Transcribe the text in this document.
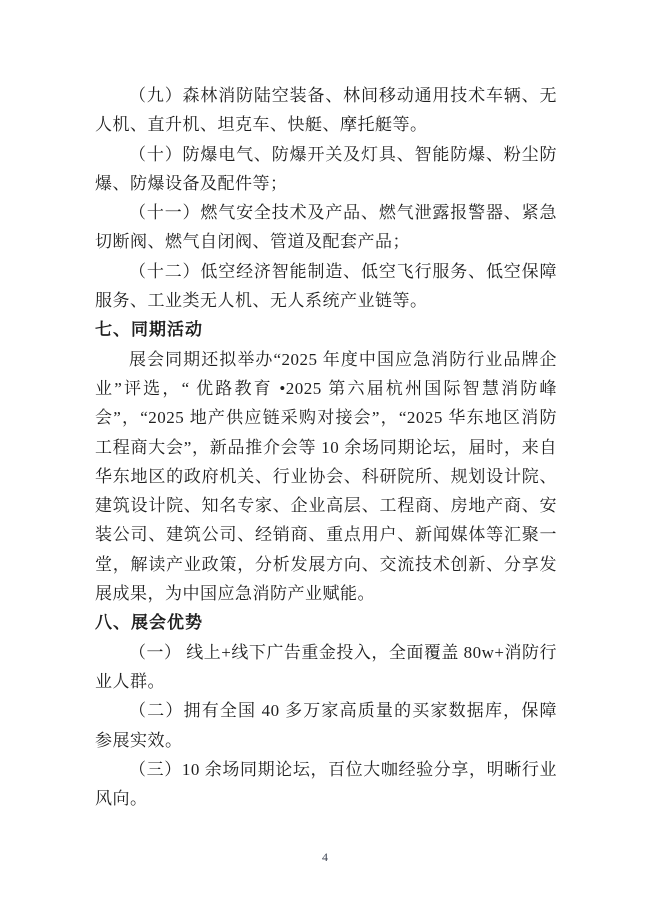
（九）森林消防陆空装备、林间移动通用技术车辆、无人机、直升机、坦克车、快艇、摩托艇等。

（十）防爆电气、防爆开关及灯具、智能防爆、粉尘防爆、防爆设备及配件等；

（十一）燃气安全技术及产品、燃气泄露报警器、紧急切断阀、燃气自闭阀、管道及配套产品；

（十二）低空经济智能制造、低空飞行服务、低空保障服务、工业类无人机、无人系统产业链等。

七、同期活动

展会同期还拟举办“2025 年度中国应急消防行业品牌企业”评选，“ 优路教育 •2025 第六届杭州国际智慧消防峰会”，“2025 地产供应链采购对接会”，“2025 华东地区消防工程商大会”，新品推介会等 10 余场同期论坛，届时，来自华东地区的政府机关、行业协会、科研院所、规划设计院、建筑设计院、知名专家、企业高层、工程商、房地产商、安装公司、建筑公司、经销商、重点用户、新闻媒体等汇聚一堂，解读产业政策，分析发展方向、交流技术创新、分享发展成果，为中国应急消防产业赋能。

八、展会优势

（一） 线上+线下广告重金投入，全面覆盖 80w+消防行业人群。

（二）拥有全国 40 多万家高质量的买家数据库，保障参展实效。

（三）10 余场同期论坛，百位大咖经验分享，明晰行业风向。

4
